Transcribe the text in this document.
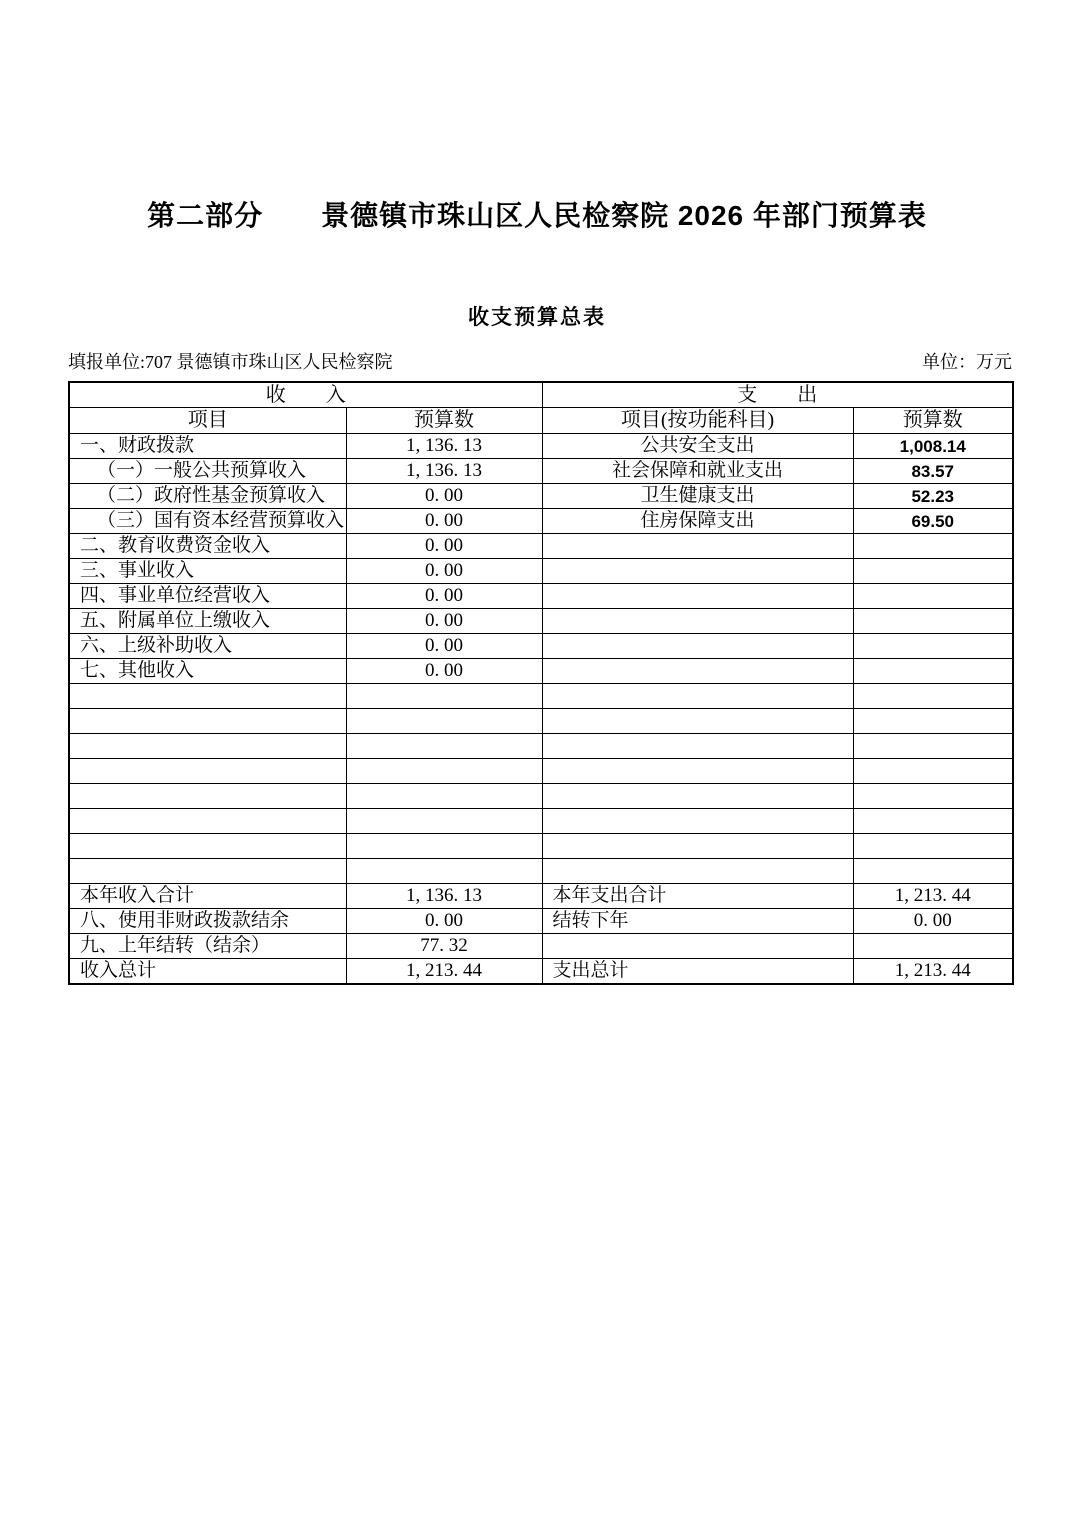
第二部分　　景德镇市珠山区人民检察院 2026 年部门预算表
收支预算总表
填报单位:707 景德镇市珠山区人民检察院	单位：万元
收　　入		支　　出	
项目	预算数	项目(按功能科目)	预算数
一、财政拨款	1, 136. 13	公共安全支出	1,008.14
（一）一般公共预算收入	1, 136. 13	社会保障和就业支出	83.57
（二）政府性基金预算收入	0. 00	卫生健康支出	52.23
（三）国有资本经营预算收入	0. 00	住房保障支出	69.50
二、教育收费资金收入	0. 00		
三、事业收入	0. 00		
四、事业单位经营收入	0. 00		
五、附属单位上缴收入	0. 00		
六、上级补助收入	0. 00		
七、其他收入	0. 00		

本年收入合计	1, 136. 13	本年支出合计	1, 213. 44
八、使用非财政拨款结余	0. 00	结转下年	0. 00
九、上年结转（结余）	77. 32		
收入总计	1, 213. 44	支出总计	1, 213. 44
